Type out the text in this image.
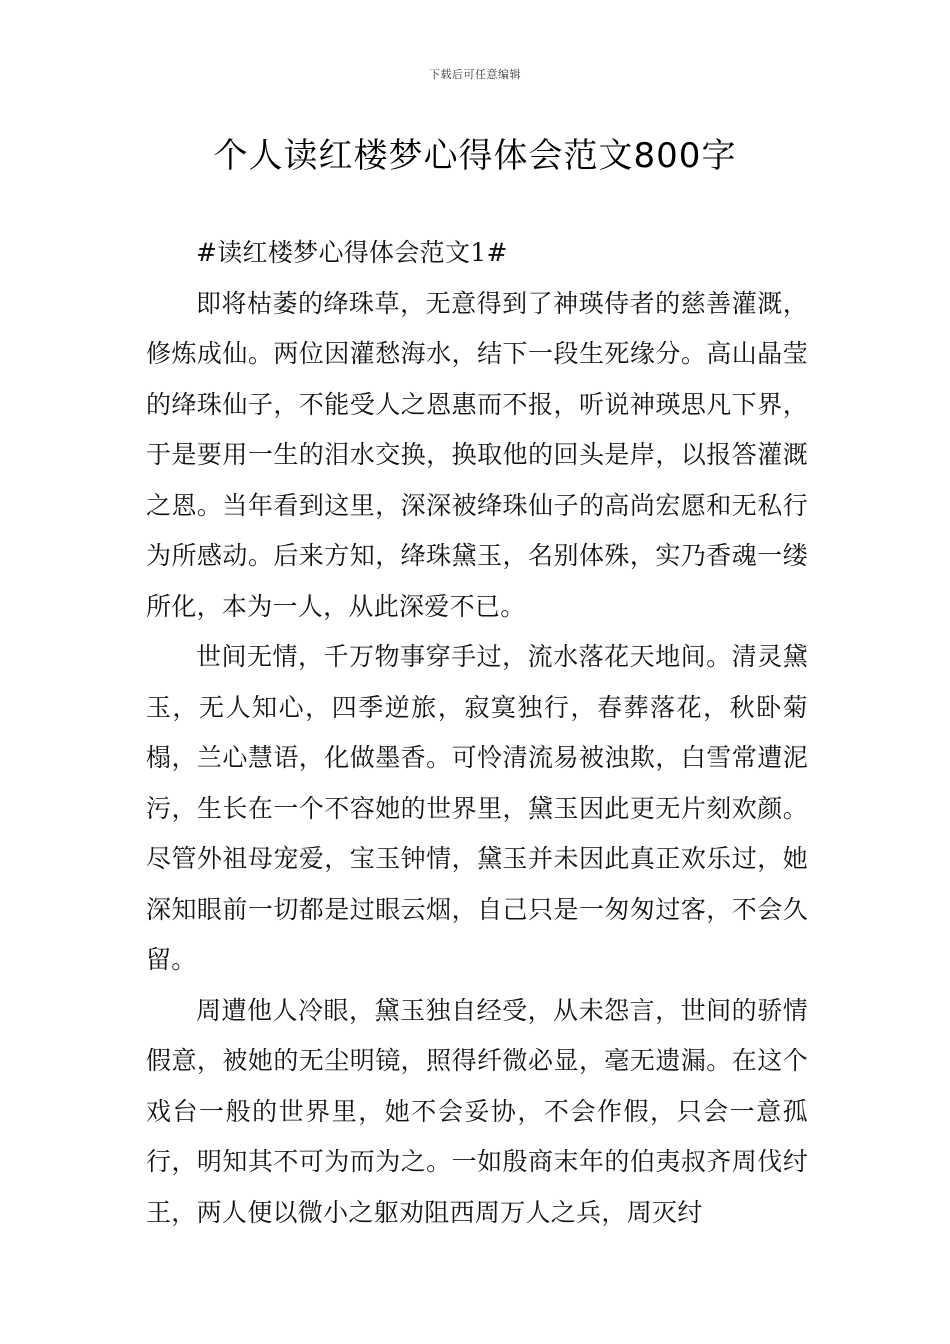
下载后可任意编辑
个人读红楼梦心得体会范文800字

#读红楼梦心得体会范文1#

即将枯萎的绛珠草，无意得到了神瑛侍者的慈善灌溉，修炼成仙。两位因灌愁海水，结下一段生死缘分。高山晶莹的绛珠仙子，不能受人之恩惠而不报，听说神瑛思凡下界，于是要用一生的泪水交换，换取他的回头是岸，以报答灌溉之恩。当年看到这里，深深被绛珠仙子的高尚宏愿和无私行为所感动。后来方知，绛珠黛玉，名别体殊，实乃香魂一缕所化，本为一人，从此深爱不已。

世间无情，千万物事穿手过，流水落花天地间。清灵黛玉，无人知心，四季逆旅，寂寞独行，春葬落花，秋卧菊榻，兰心慧语，化做墨香。可怜清流易被浊欺，白雪常遭泥污，生长在一个不容她的世界里，黛玉因此更无片刻欢颜。尽管外祖母宠爱，宝玉钟情，黛玉并未因此真正欢乐过，她深知眼前一切都是过眼云烟，自己只是一匆匆过客，不会久留。

周遭他人冷眼，黛玉独自经受，从未怨言，世间的骄情假意，被她的无尘明镜，照得纤微必显，毫无遗漏。在这个戏台一般的世界里，她不会妥协，不会作假，只会一意孤行，明知其不可为而为之。一如殷商末年的伯夷叔齐周伐纣王，两人便以微小之躯劝阻西周万人之兵，周灭纣
